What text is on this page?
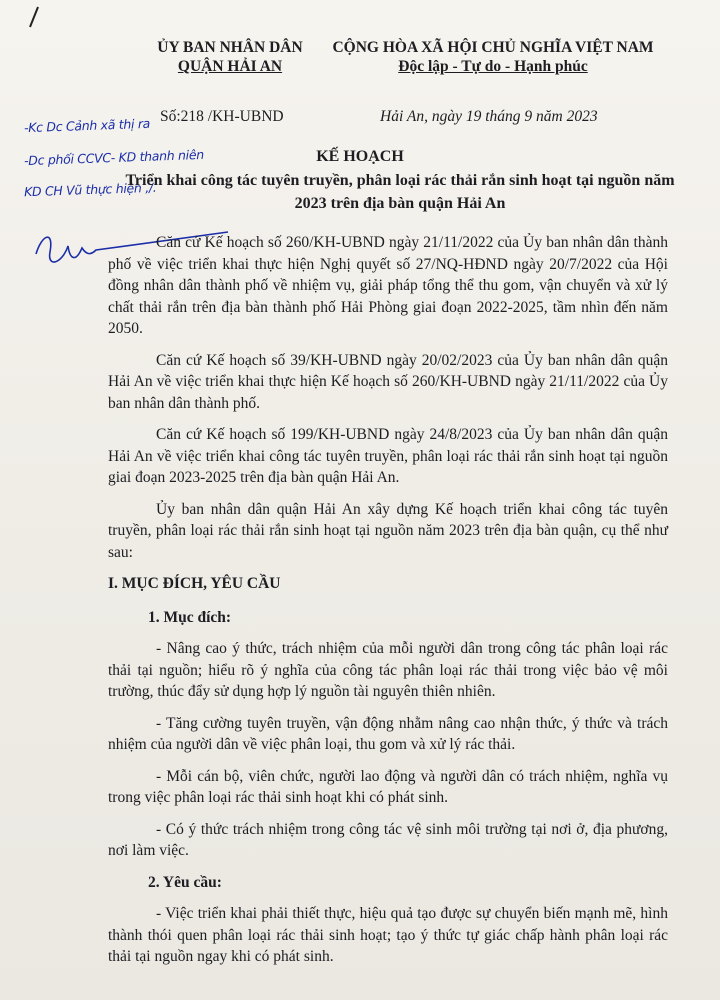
ỦY BAN NHÂN DÂN
QUẬN HẢI AN
CỘNG HÒA XÃ HỘI CHỦ NGHĨA VIỆT NAM
Độc lập - Tự do - Hạnh phúc
Số:218 /KH-UBND	Hải An, ngày 19 tháng 9 năm 2023
-Kc Dc Cảnh xã thị ra
-Dc phối CCVC- KD thanh niên
KD CH Vũ thực hiện ,/.
KẾ HOẠCH
Triển khai công tác tuyên truyền, phân loại rác thải rắn sinh hoạt tại nguồn năm 2023 trên địa bàn quận Hải An

Căn cứ Kế hoạch số 260/KH-UBND ngày 21/11/2022 của Ủy ban nhân dân thành phố về việc triển khai thực hiện Nghị quyết số 27/NQ-HĐND ngày 20/7/2022 của Hội đồng nhân dân thành phố về nhiệm vụ, giải pháp tổng thể thu gom, vận chuyển và xử lý chất thải rắn trên địa bàn thành phố Hải Phòng giai đoạn 2022-2025, tầm nhìn đến năm 2050.

Căn cứ Kế hoạch số 39/KH-UBND ngày 20/02/2023 của Ủy ban nhân dân quận Hải An về việc triển khai thực hiện Kế hoạch số 260/KH-UBND ngày 21/11/2022 của Ủy ban nhân dân thành phố.

Căn cứ Kế hoạch số 199/KH-UBND ngày 24/8/2023 của Ủy ban nhân dân quận Hải An về việc triển khai công tác tuyên truyền, phân loại rác thải rắn sinh hoạt tại nguồn giai đoạn 2023-2025 trên địa bàn quận Hải An.

Ủy ban nhân dân quận Hải An xây dựng Kế hoạch triển khai công tác tuyên truyền, phân loại rác thải rắn sinh hoạt tại nguồn năm 2023 trên địa bàn quận, cụ thể như sau:

I. MỤC ĐÍCH, YÊU CẦU
1. Mục đích:

- Nâng cao ý thức, trách nhiệm của mỗi người dân trong công tác phân loại rác thải tại nguồn; hiểu rõ ý nghĩa của công tác phân loại rác thải trong việc bảo vệ môi trường, thúc đẩy sử dụng hợp lý nguồn tài nguyên thiên nhiên.

- Tăng cường tuyên truyền, vận động nhằm nâng cao nhận thức, ý thức và trách nhiệm của người dân về việc phân loại, thu gom và xử lý rác thải.

- Mỗi cán bộ, viên chức, người lao động và người dân có trách nhiệm, nghĩa vụ trong việc phân loại rác thải sinh hoạt khi có phát sinh.

- Có ý thức trách nhiệm trong công tác vệ sinh môi trường tại nơi ở, địa phương, nơi làm việc.

2. Yêu cầu:

- Việc triển khai phải thiết thực, hiệu quả tạo được sự chuyển biến mạnh mẽ, hình thành thói quen phân loại rác thải sinh hoạt; tạo ý thức tự giác chấp hành phân loại rác thải tại nguồn ngay khi có phát sinh.
